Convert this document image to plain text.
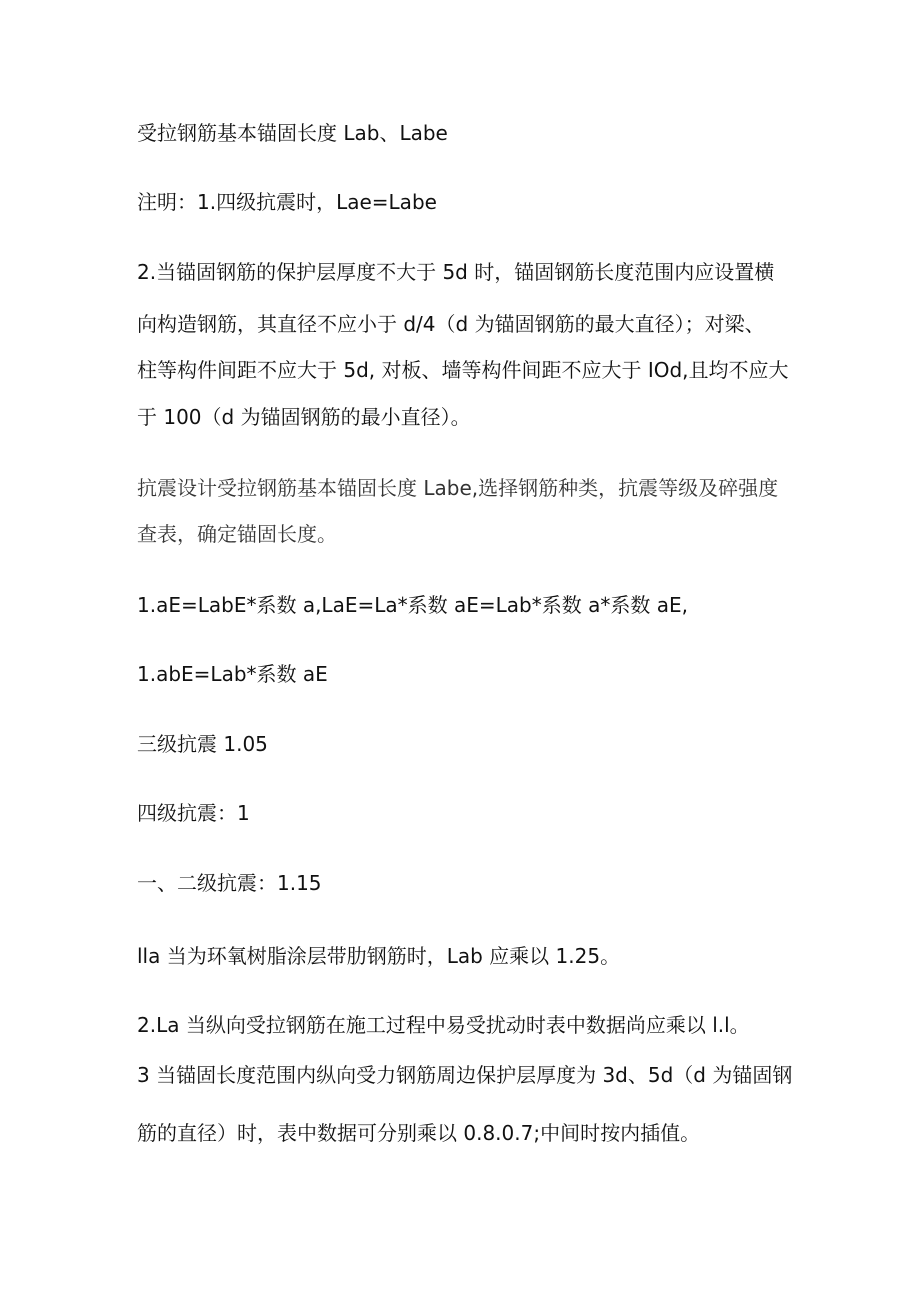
受拉钢筋基本锚固长度 Lab、Labe
注明：1.四级抗震时，Lae=Labe
2.当锚固钢筋的保护层厚度不大于 5d 时，锚固钢筋长度范围内应设置横
向构造钢筋，其直径不应小于 d/4（d 为锚固钢筋的最大直径）；对梁、
柱等构件间距不应大于 5d, 对板、墙等构件间距不应大于 IOd,且均不应大
于 100（d 为锚固钢筋的最小直径）。
抗震设计受拉钢筋基本锚固长度 Labe,选择钢筋种类，抗震等级及碎强度
查表，确定锚固长度。
1.aE=LabE*系数 a,LaE=La*系数 aE=Lab*系数 a*系数 aE,
1.abE=Lab*系数 aE
三级抗震 1.05
四级抗震：1
一、二级抗震：1.15
lla 当为环氧树脂涂层带肋钢筋时，Lab 应乘以 1.25。
2.La 当纵向受拉钢筋在施工过程中易受扰动时表中数据尚应乘以 l.l。
3 当锚固长度范围内纵向受力钢筋周边保护层厚度为 3d、5d（d 为锚固钢
筋的直径）时，表中数据可分别乘以 0.8.0.7;中间时按内插值。
